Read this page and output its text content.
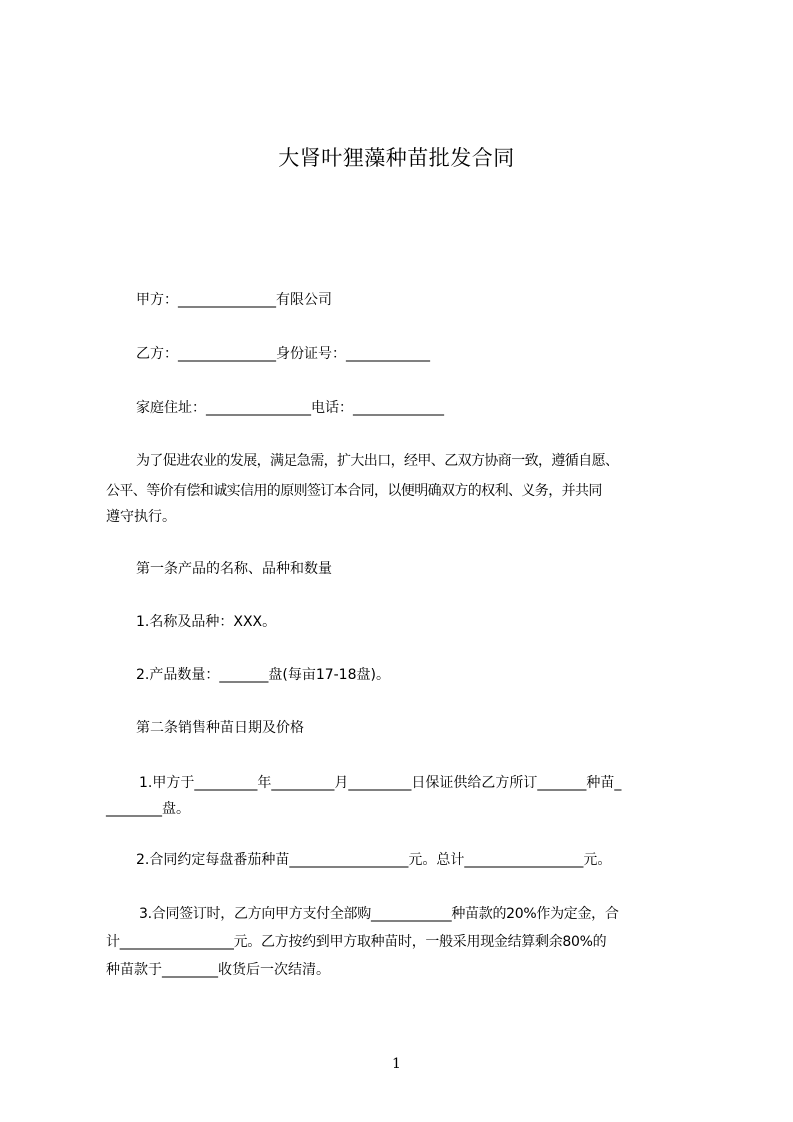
大肾叶狸藻种苗批发合同
甲方：______________有限公司
乙方：______________身份证号：____________
家庭住址：_______________电话：_____________
为了促进农业的发展，满足急需，扩大出口，经甲、乙双方协商一致，遵循自愿、
公平、等价有偿和诚实信用的原则签订本合同，以便明确双方的权利、义务，并共同
遵守执行。
第一条产品的名称、品种和数量
1.名称及品种：XXX。
2.产品数量：_______盘(每亩17-18盘)。
第二条销售种苗日期及价格
1.甲方于_________年_________月_________日保证供给乙方所订_______种苗_
________盘。
2.合同约定每盘番茄种苗_________________元。总计_________________元。
3.合同签订时，乙方向甲方支付全部购____________种苗款的20%作为定金，合
计_________________元。乙方按约到甲方取种苗时，一般采用现金结算剩余80%的
种苗款于________收货后一次结清。
1
